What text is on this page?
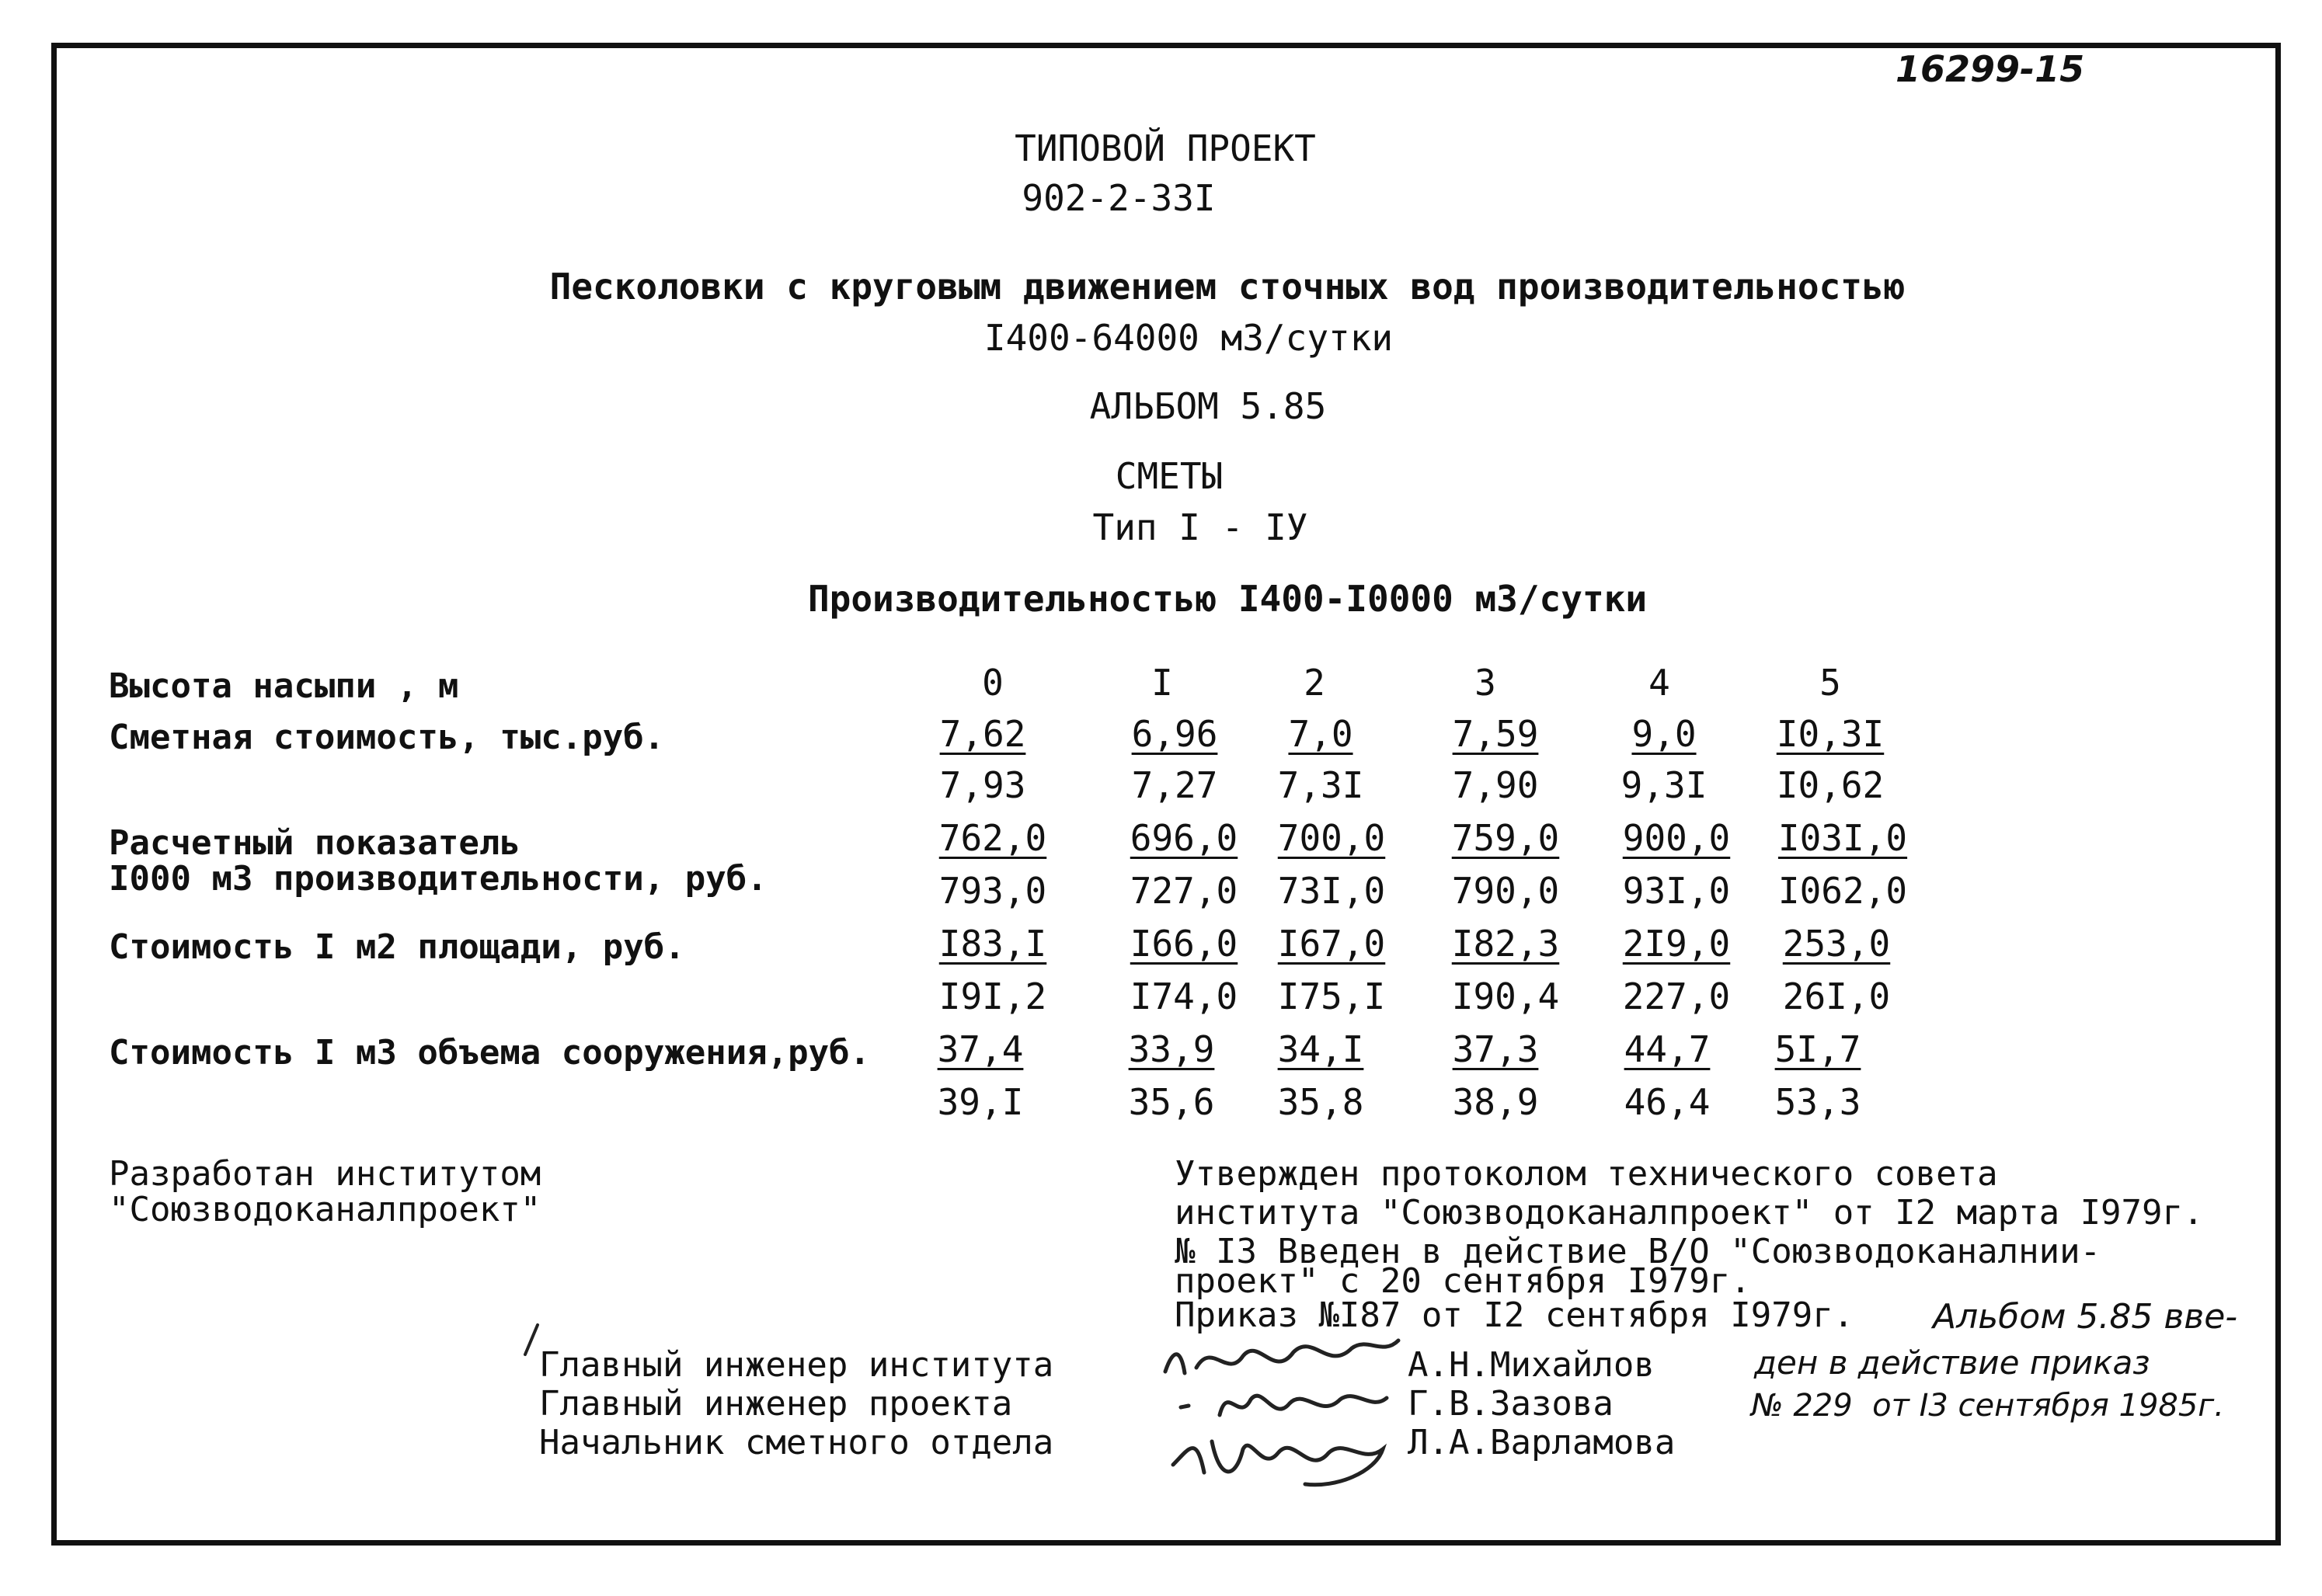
16299-15
ТИПОВОЙ ПРОЕКТ
902-2-33I
Песколовки с круговым движением сточных вод производительностью
I400-64000 м3/сутки
АЛЬБОМ 5.85
СМЕТЫ
Тип I - IУ
Производительностью I400-I0000 м3/сутки
Высота насыпи , м	0	I	2	3	4	5
Сметная стоимость, тыс.руб.	7,62	6,96 7,0	7,59	9,0 I0,3I
7,93	7,27 7,3I 7,90 9,3I I0,62
Расчетный показатель
I000 м3 производительности, руб.
762,0 696,0 700,0 759,0 900,0 I03I,0
793,0 727,0 73I,0 790,0 93I,0 I062,0
Стоимость I м2 площади, руб.	I83,I I66,0 I67,0 I82,3 2I9,0 253,0
I9I,2 I74,0 I75,I I90,4 227,0 26I,0
Стоимость I м3 объема сооружения,руб. 37,4	33,9 34,I 37,3 44,7 5I,7
39,I	35,6 35,8 38,9 46,4 53,3
Разработан институтом
"Союзводоканалпроект"
Утвержден протоколом технического совета
института "Союзводоканалпроект" от I2 марта I979г.
№ I3 Введен в действие В/О "Союзводоканалнии-
проект" с 20 сентября I979г.
Приказ №I87 от I2 сентября I979г. Альбом 5.85 вве-
ден в действие приказ
№ 229  от I3 сентября 1985г.
Главный инженер института
Главный инженер проекта
Начальник сметного отдела
А.Н.Михайлов
Г.В.Зазова
Л.А.Варламова
